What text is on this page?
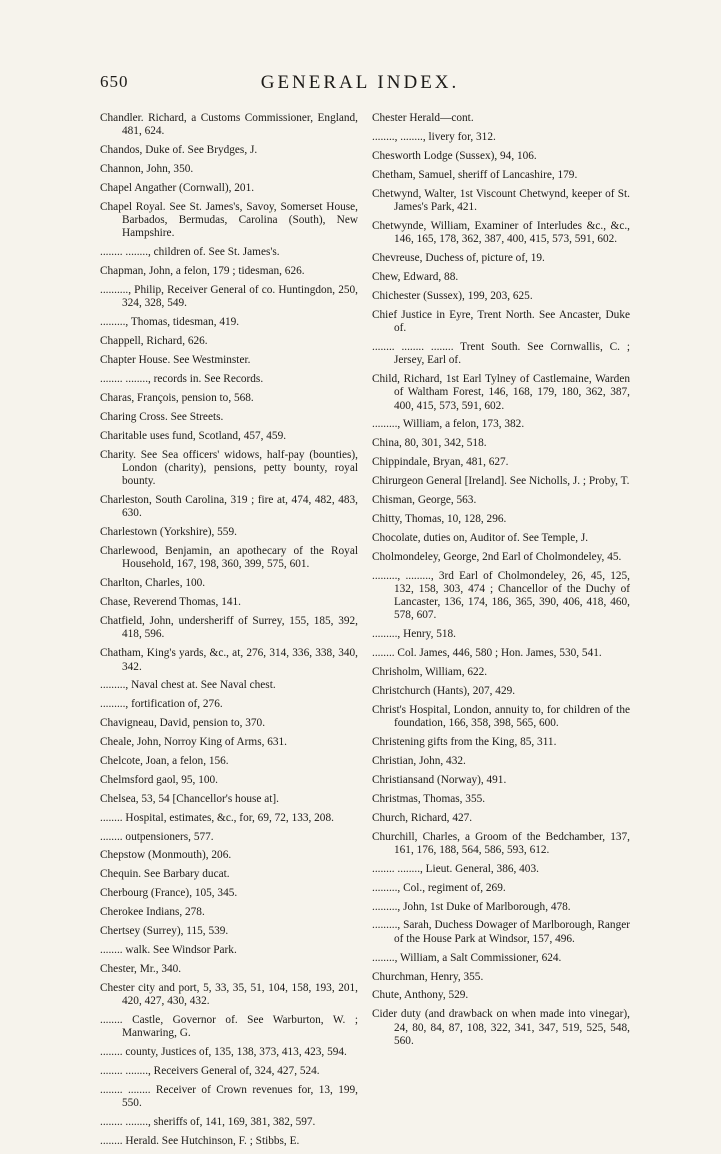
650	GENERAL INDEX.

Chandler. Richard, a Customs Commissioner, England, 481, 624.

Chandos, Duke of. See Brydges, J.

Channon, John, 350.

Chapel Angather (Cornwall), 201.

Chapel Royal. See St. James's, Savoy, Somerset House, Barbados, Bermudas, Carolina (South), New Hampshire.

........ ........, children of. See St. James's.

Chapman, John, a felon, 179 ; tidesman, 626.

.........., Philip, Receiver General of co. Huntingdon, 250, 324, 328, 549.

........., Thomas, tidesman, 419.

Chappell, Richard, 626.

Chapter House. See Westminster.

........ ........, records in. See Records.

Charas, François, pension to, 568.

Charing Cross. See Streets.

Charitable uses fund, Scotland, 457, 459.

Charity. See Sea officers' widows, half-pay (bounties), London (charity), pensions, petty bounty, royal bounty.

Charleston, South Carolina, 319 ; fire at, 474, 482, 483, 630.

Charlestown (Yorkshire), 559.

Charlewood, Benjamin, an apothecary of the Royal Household, 167, 198, 360, 399, 575, 601.

Charlton, Charles, 100.

Chase, Reverend Thomas, 141.

Chatfield, John, undersheriff of Surrey, 155, 185, 392, 418, 596.

Chatham, King's yards, &c., at, 276, 314, 336, 338, 340, 342.

........., Naval chest at. See Naval chest.

........., fortification of, 276.

Chavigneau, David, pension to, 370.

Cheale, John, Norroy King of Arms, 631.

Chelcote, Joan, a felon, 156.

Chelmsford gaol, 95, 100.

Chelsea, 53, 54 [Chancellor's house at].

........ Hospital, estimates, &c., for, 69, 72, 133, 208.

........ outpensioners, 577.

Chepstow (Monmouth), 206.

Chequin. See Barbary ducat.

Cherbourg (France), 105, 345.

Cherokee Indians, 278.

Chertsey (Surrey), 115, 539.

........ walk. See Windsor Park.

Chester, Mr., 340.

Chester city and port, 5, 33, 35, 51, 104, 158, 193, 201, 420, 427, 430, 432.

........ Castle, Governor of. See Warburton, W. ; Manwaring, G.

........ county, Justices of, 135, 138, 373, 413, 423, 594.

........ ........, Receivers General of, 324, 427, 524.

........ ........ Receiver of Crown revenues for, 13, 199, 550.

........ ........, sheriffs of, 141, 169, 381, 382, 597.

........ Herald. See Hutchinson, F. ; Stibbs, E.

Chester Herald—cont.

........, ........, livery for, 312.

Chesworth Lodge (Sussex), 94, 106.

Chetham, Samuel, sheriff of Lancashire, 179.

Chetwynd, Walter, 1st Viscount Chetwynd, keeper of St. James's Park, 421.

Chetwynde, William, Examiner of Interludes &c., &c., 146, 165, 178, 362, 387, 400, 415, 573, 591, 602.

Chevreuse, Duchess of, picture of, 19.

Chew, Edward, 88.

Chichester (Sussex), 199, 203, 625.

Chief Justice in Eyre, Trent North. See Ancaster, Duke of.

........ ........ ........ Trent South. See Cornwallis, C. ; Jersey, Earl of.

Child, Richard, 1st Earl Tylney of Castlemaine, Warden of Waltham Forest, 146, 168, 179, 180, 362, 387, 400, 415, 573, 591, 602.

........., William, a felon, 173, 382.

China, 80, 301, 342, 518.

Chippindale, Bryan, 481, 627.

Chirurgeon General [Ireland]. See Nicholls, J. ; Proby, T.

Chisman, George, 563.

Chitty, Thomas, 10, 128, 296.

Chocolate, duties on, Auditor of. See Temple, J.

Cholmondeley, George, 2nd Earl of Cholmondeley, 45.

........., ........., 3rd Earl of Cholmondeley, 26, 45, 125, 132, 158, 303, 474 ; Chancellor of the Duchy of Lancaster, 136, 174, 186, 365, 390, 406, 418, 460, 578, 607.

........., Henry, 518.

........ Col. James, 446, 580 ; Hon. James, 530, 541.

Chrisholm, William, 622.

Christchurch (Hants), 207, 429.

Christ's Hospital, London, annuity to, for children of the foundation, 166, 358, 398, 565, 600.

Christening gifts from the King, 85, 311.

Christian, John, 432.

Christiansand (Norway), 491.

Christmas, Thomas, 355.

Church, Richard, 427.

Churchill, Charles, a Groom of the Bedchamber, 137, 161, 176, 188, 564, 586, 593, 612.

........ ........, Lieut. General, 386, 403.

........., Col., regiment of, 269.

........., John, 1st Duke of Marlborough, 478.

........., Sarah, Duchess Dowager of Marlborough, Ranger of the House Park at Windsor, 157, 496.

........, William, a Salt Commissioner, 624.

Churchman, Henry, 355.

Chute, Anthony, 529.

Cider duty (and drawback on when made into vinegar), 24, 80, 84, 87, 108, 322, 341, 347, 519, 525, 548, 560.
